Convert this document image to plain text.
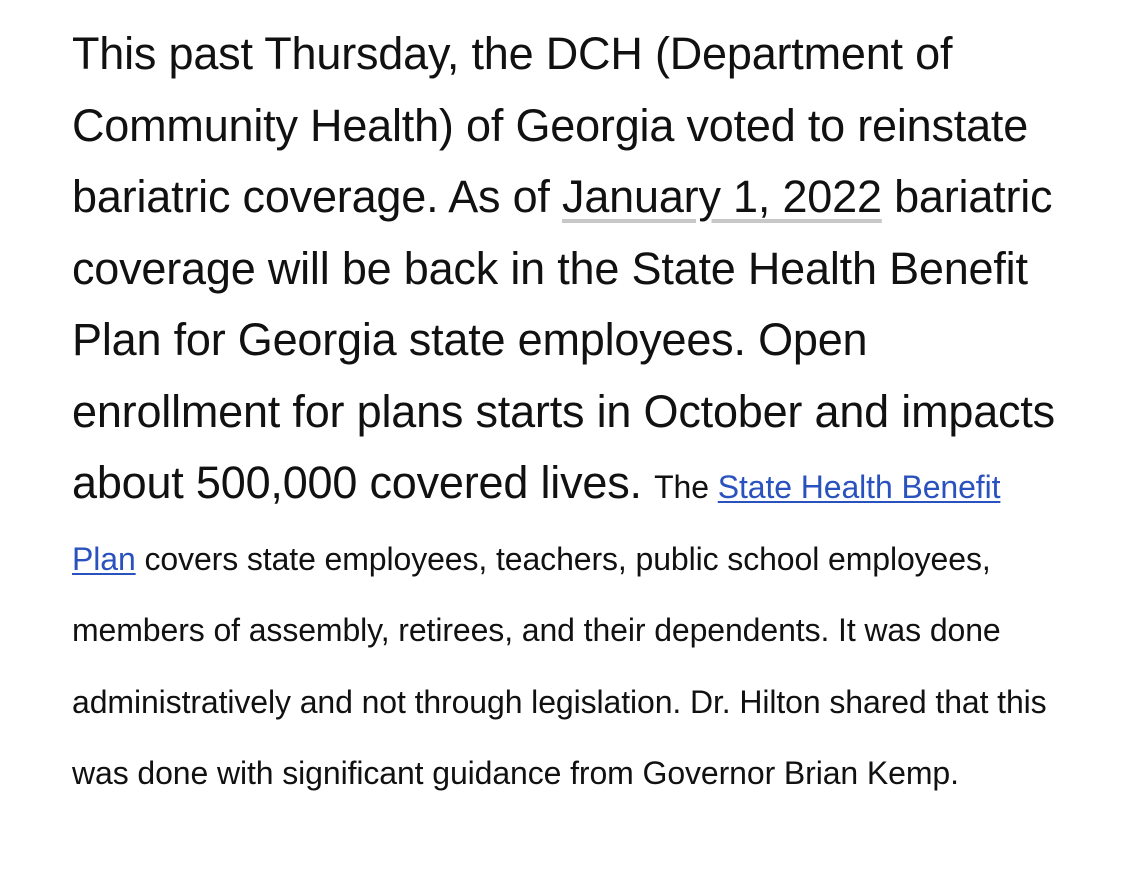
This past Thursday, the DCH (Department of Community Health) of Georgia voted to reinstate bariatric coverage. As of January 1, 2022 bariatric coverage will be back in the State Health Benefit Plan for Georgia state employees. Open enrollment for plans starts in October and impacts about 500,000 covered lives. The State Health Benefit Plan covers state employees, teachers, public school employees, members of assembly, retirees, and their dependents. It was done administratively and not through legislation. Dr. Hilton shared that this was done with significant guidance from Governor Brian Kemp.
